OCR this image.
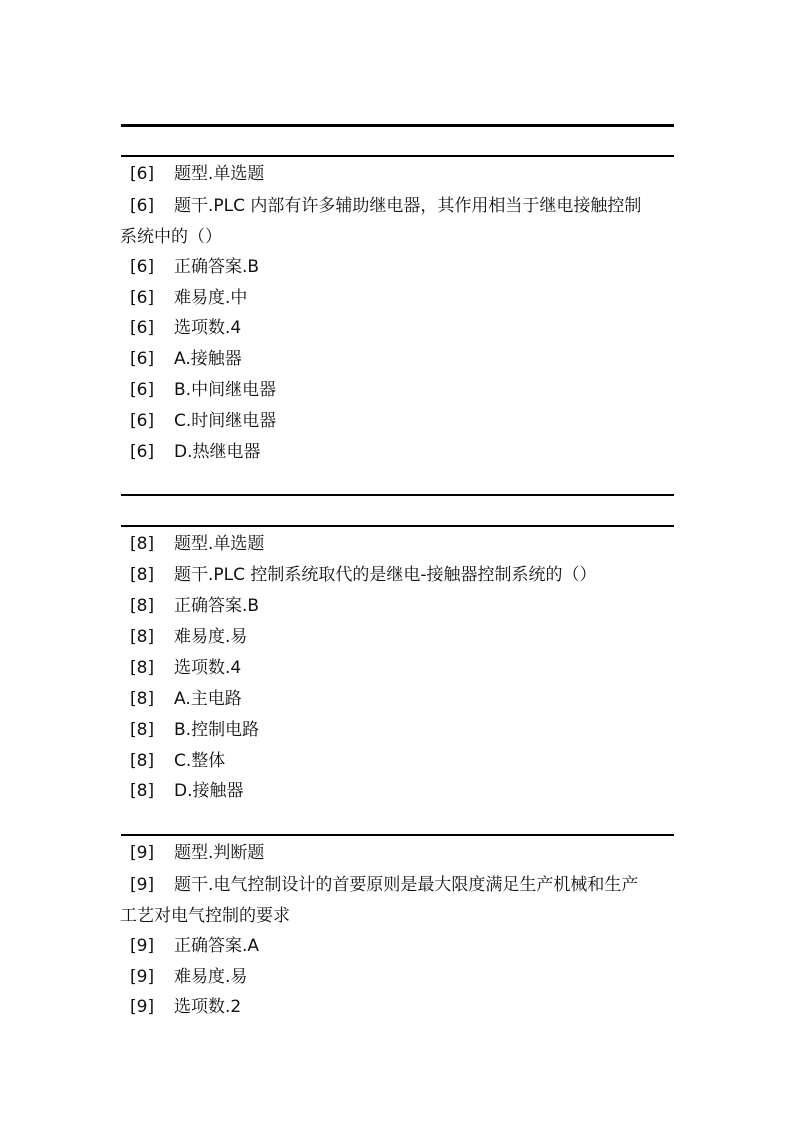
[6] 题型.单选题
[6] 题干.PLC 内部有许多辅助继电器，其作用相当于继电接触控制
系统中的（）
[6] 正确答案.B
[6] 难易度.中
[6] 选项数.4
[6] A.接触器
[6] B.中间继电器
[6] C.时间继电器
[6] D.热继电器
[8] 题型.单选题
[8] 题干.PLC 控制系统取代的是继电-接触器控制系统的（）
[8] 正确答案.B
[8] 难易度.易
[8] 选项数.4
[8] A.主电路
[8] B.控制电路
[8] C.整体
[8] D.接触器
[9] 题型.判断题
[9] 题干.电气控制设计的首要原则是最大限度满足生产机械和生产
工艺对电气控制的要求
[9] 正确答案.A
[9] 难易度.易
[9] 选项数.2
